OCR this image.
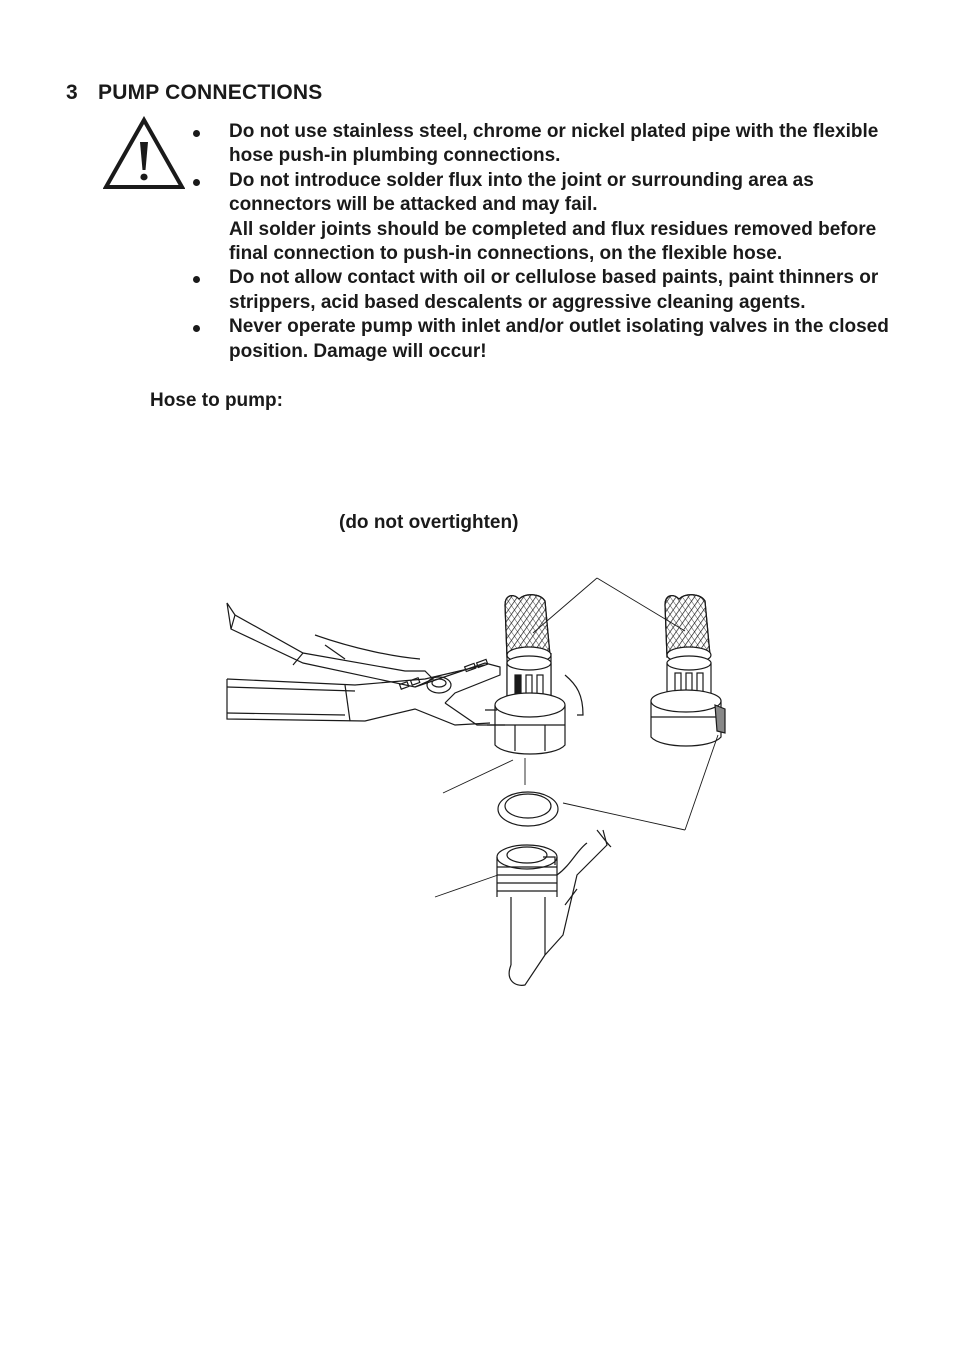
3 PUMP CONNECTIONS

Do not use stainless steel, chrome or nickel plated pipe with the flexible hose push-in plumbing connections.

Do not introduce solder flux into the joint or surrounding area as connectors will be attacked and may fail.

All solder joints should be completed and flux residues removed before final connection to push-in connections, on the flexible hose.

Do not allow contact with oil or cellulose based paints, paint thinners or strippers, acid based descalents or aggressive cleaning agents.

Never operate pump with inlet and/or outlet isolating valves in the closed position. Damage will occur!

Hose to pump:
(do not overtighten)
